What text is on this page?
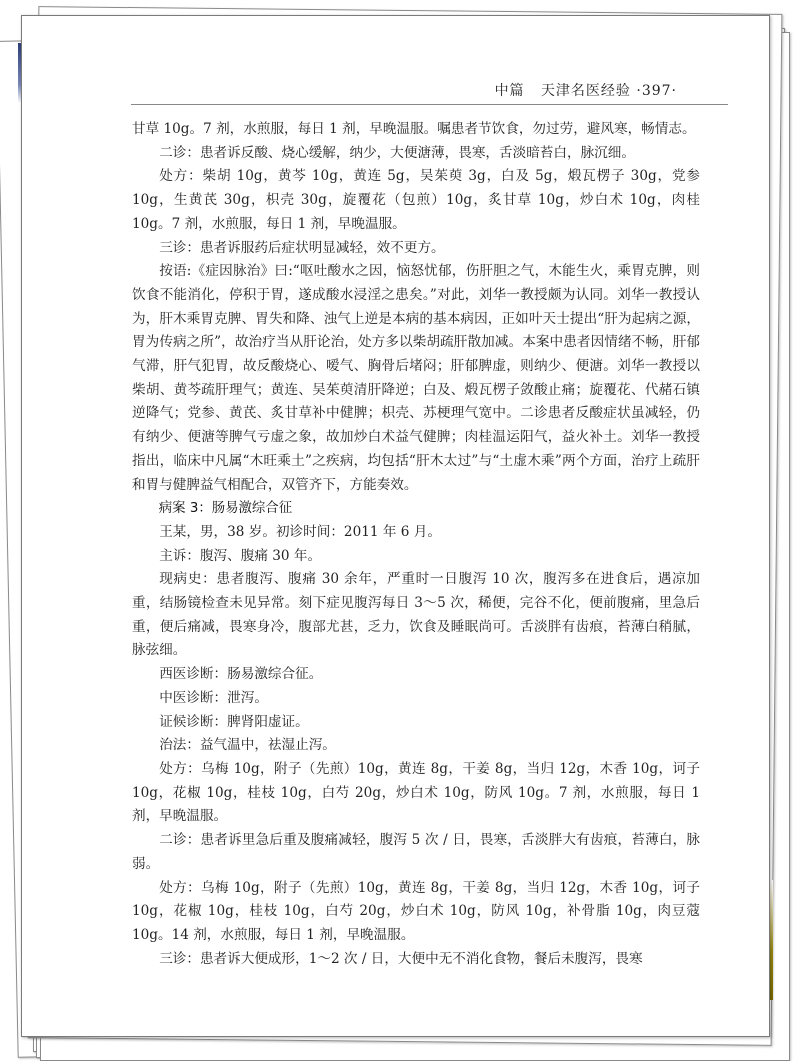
中篇 天津名医经验 ·397·

甘草 10g。7 剂，水煎服，每日 1 剂，早晚温服。嘱患者节饮食，勿过劳，避风寒，畅情志。

二诊：患者诉反酸、烧心缓解，纳少，大便溏薄，畏寒，舌淡暗苔白，脉沉细。

处方：柴胡 10g，黄芩 10g，黄连 5g，吴茱萸 3g，白及 5g，煅瓦楞子 30g，党参 10g，生黄芪 30g，枳壳 30g，旋覆花（包煎）10g，炙甘草 10g，炒白术 10g，肉桂 10g。7 剂，水煎服，每日 1 剂，早晚温服。

三诊：患者诉服药后症状明显减轻，效不更方。

按语:《症因脉治》曰:“呕吐酸水之因，恼怒忧郁，伤肝胆之气，木能生火，乘胃克脾，则饮食不能消化，停积于胃，遂成酸水浸淫之患矣。”对此，刘华一教授颇为认同。刘华一教授认为，肝木乘胃克脾、胃失和降、浊气上逆是本病的基本病因，正如叶天士提出“肝为起病之源，胃为传病之所”，故治疗当从肝论治，处方多以柴胡疏肝散加减。本案中患者因情绪不畅，肝郁气滞，肝气犯胃，故反酸烧心、嗳气、胸骨后堵闷；肝郁脾虚，则纳少、便溏。刘华一教授以柴胡、黄芩疏肝理气；黄连、吴茱萸清肝降逆；白及、煅瓦楞子敛酸止痛；旋覆花、代赭石镇逆降气；党参、黄芪、炙甘草补中健脾；枳壳、苏梗理气宽中。二诊患者反酸症状虽减轻，仍有纳少、便溏等脾气亏虚之象，故加炒白术益气健脾；肉桂温运阳气，益火补土。刘华一教授指出，临床中凡属“木旺乘土”之疾病，均包括“肝木太过”与“土虚木乘”两个方面，治疗上疏肝和胃与健脾益气相配合，双管齐下，方能奏效。

病案 3：肠易激综合征

王某，男，38 岁。初诊时间：2011 年 6 月。

主诉：腹泻、腹痛 30 年。

现病史：患者腹泻、腹痛 30 余年，严重时一日腹泻 10 次，腹泻多在进食后，遇凉加重，结肠镜检查未见异常。刻下症见腹泻每日 3～5 次，稀便，完谷不化，便前腹痛，里急后重，便后痛减，畏寒身冷，腹部尤甚，乏力，饮食及睡眠尚可。舌淡胖有齿痕，苔薄白稍腻，脉弦细。

西医诊断：肠易激综合征。

中医诊断：泄泻。

证候诊断：脾肾阳虚证。

治法：益气温中，祛湿止泻。

处方：乌梅 10g，附子（先煎）10g，黄连 8g，干姜 8g，当归 12g，木香 10g，诃子 10g，花椒 10g，桂枝 10g，白芍 20g，炒白术 10g，防风 10g。7 剂，水煎服，每日 1 剂，早晚温服。

二诊：患者诉里急后重及腹痛减轻，腹泻 5 次 / 日，畏寒，舌淡胖大有齿痕，苔薄白，脉弱。

处方：乌梅 10g，附子（先煎）10g，黄连 8g，干姜 8g，当归 12g，木香 10g，诃子 10g，花椒 10g，桂枝 10g，白芍 20g，炒白术 10g，防风 10g，补骨脂 10g，肉豆蔻 10g。14 剂，水煎服，每日 1 剂，早晚温服。

三诊：患者诉大便成形，1～2 次 / 日，大便中无不消化食物，餐后未腹泻，畏寒
